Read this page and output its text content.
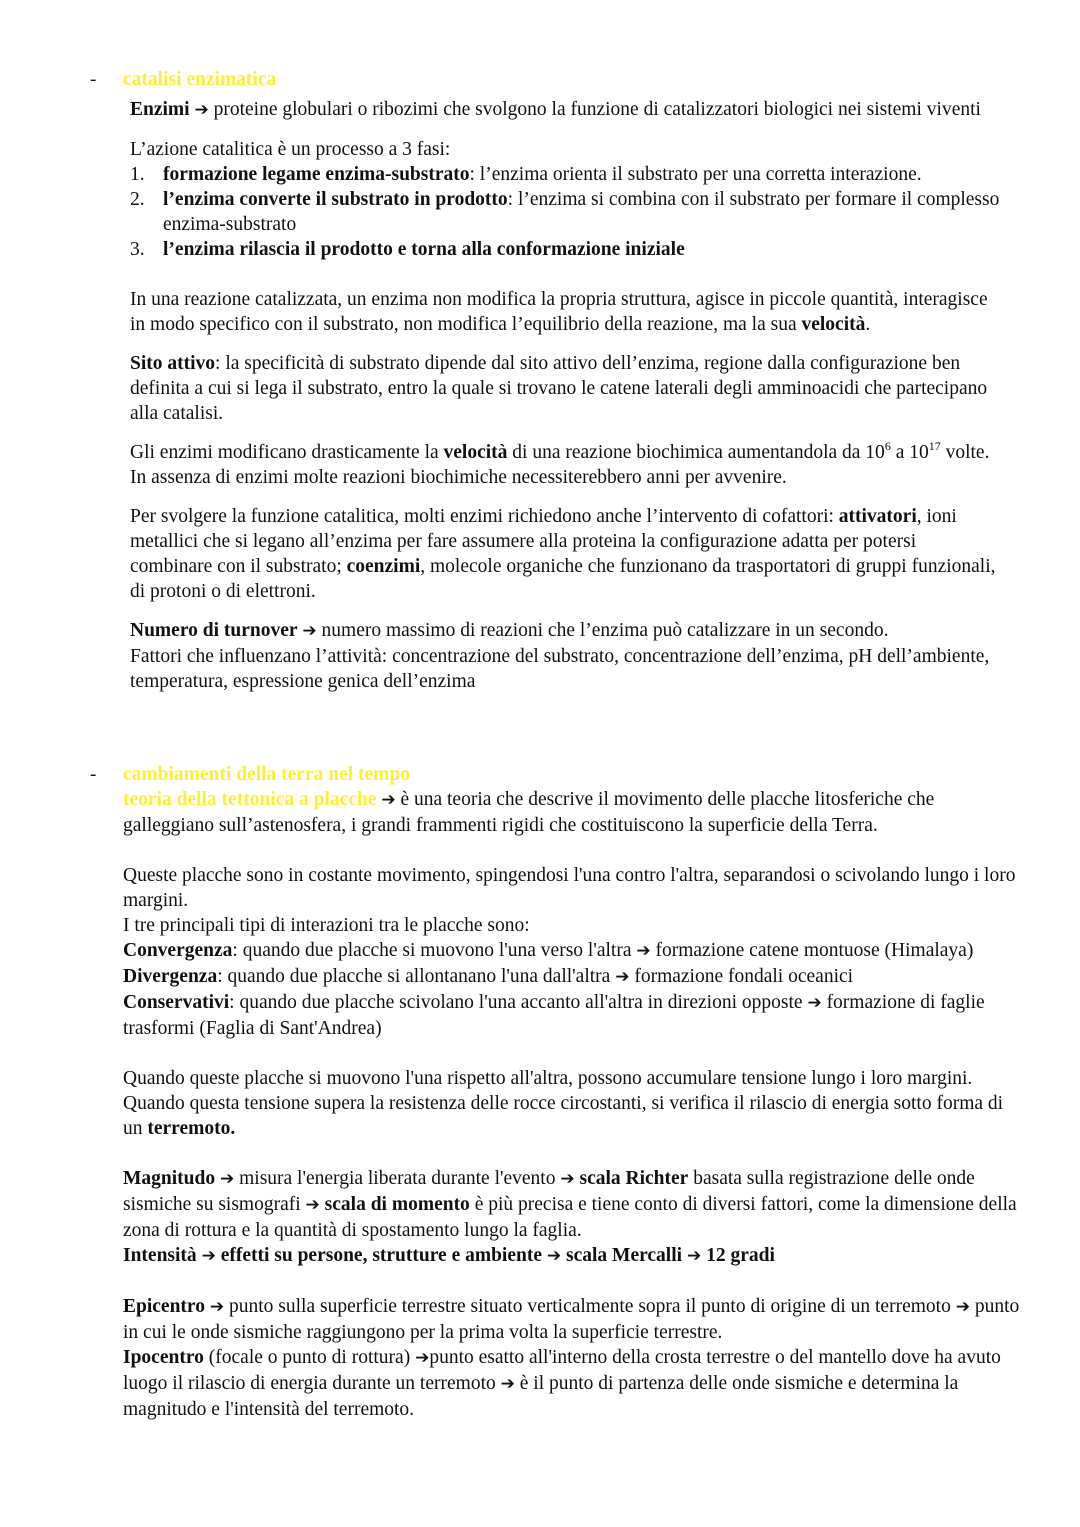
- catalisi enzimatica

Enzimi ➔ proteine globulari o ribozimi che svolgono la funzione di catalizzatori biologici nei sistemi viventi

L’azione catalitica è un processo a 3 fasi:

1. formazione legame enzima-substrato: l’enzima orienta il substrato per una corretta interazione.
2. l’enzima converte il substrato in prodotto: l’enzima si combina con il substrato per formare il complesso enzima-substrato
3. l’enzima rilascia il prodotto e torna alla conformazione iniziale

In una reazione catalizzata, un enzima non modifica la propria struttura, agisce in piccole quantità, interagisce in modo specifico con il substrato, non modifica l’equilibrio della reazione, ma la sua velocità.

Sito attivo: la specificità di substrato dipende dal sito attivo dell’enzima, regione dalla configurazione ben definita a cui si lega il substrato, entro la quale si trovano le catene laterali degli amminoacidi che partecipano alla catalisi.

Gli enzimi modificano drasticamente la velocità di una reazione biochimica aumentandola da $10^6$ a $10^{17}$ volte. In assenza di enzimi molte reazioni biochimiche necessiterebbero anni per avvenire.

Per svolgere la funzione catalitica, molti enzimi richiedono anche l’intervento di cofattori: attivatori, ioni metallici che si legano all’enzima per fare assumere alla proteina la configurazione adatta per potersi combinare con il substrato; coenzimi, molecole organiche che funzionano da trasportatori di gruppi funzionali, di protoni o di elettroni.

Numero di turnover ➔ numero massimo di reazioni che l’enzima può catalizzare in un secondo.

Fattori che influenzano l’attività: concentrazione del substrato, concentrazione dell’enzima, pH dell’ambiente, temperatura, espressione genica dell’enzima

- cambiamenti della terra nel tempo

teoria della tettonica a placche ➔ è una teoria che descrive il movimento delle placche litosferiche che galleggiano sull’astenosfera, i grandi frammenti rigidi che costituiscono la superficie della Terra.

Queste placche sono in costante movimento, spingendosi l'una contro l'altra, separandosi o scivolando lungo i loro margini.

I tre principali tipi di interazioni tra le placche sono:

Convergenza: quando due placche si muovono l'una verso l'altra ➔ formazione catene montuose (Himalaya)

Divergenza: quando due placche si allontanano l'una dall'altra ➔ formazione fondali oceanici

Conservativi: quando due placche scivolano l'una accanto all'altra in direzioni opposte ➔ formazione di faglie trasformi (Faglia di Sant'Andrea)

Quando queste placche si muovono l'una rispetto all'altra, possono accumulare tensione lungo i loro margini. Quando questa tensione supera la resistenza delle rocce circostanti, si verifica il rilascio di energia sotto forma di un terremoto.

Magnitudo ➔ misura l'energia liberata durante l'evento ➔ scala Richter basata sulla registrazione delle onde sismiche su sismografi ➔ scala di momento è più precisa e tiene conto di diversi fattori, come la dimensione della zona di rottura e la quantità di spostamento lungo la faglia.

Intensità ➔ effetti su persone, strutture e ambiente ➔ scala Mercalli ➔ 12 gradi

Epicentro ➔ punto sulla superficie terrestre situato verticalmente sopra il punto di origine di un terremoto ➔ punto in cui le onde sismiche raggiungono per la prima volta la superficie terrestre.

Ipocentro (focale o punto di rottura) ➔punto esatto all'interno della crosta terrestre o del mantello dove ha avuto luogo il rilascio di energia durante un terremoto ➔ è il punto di partenza delle onde sismiche e determina la magnitudo e l'intensità del terremoto.
